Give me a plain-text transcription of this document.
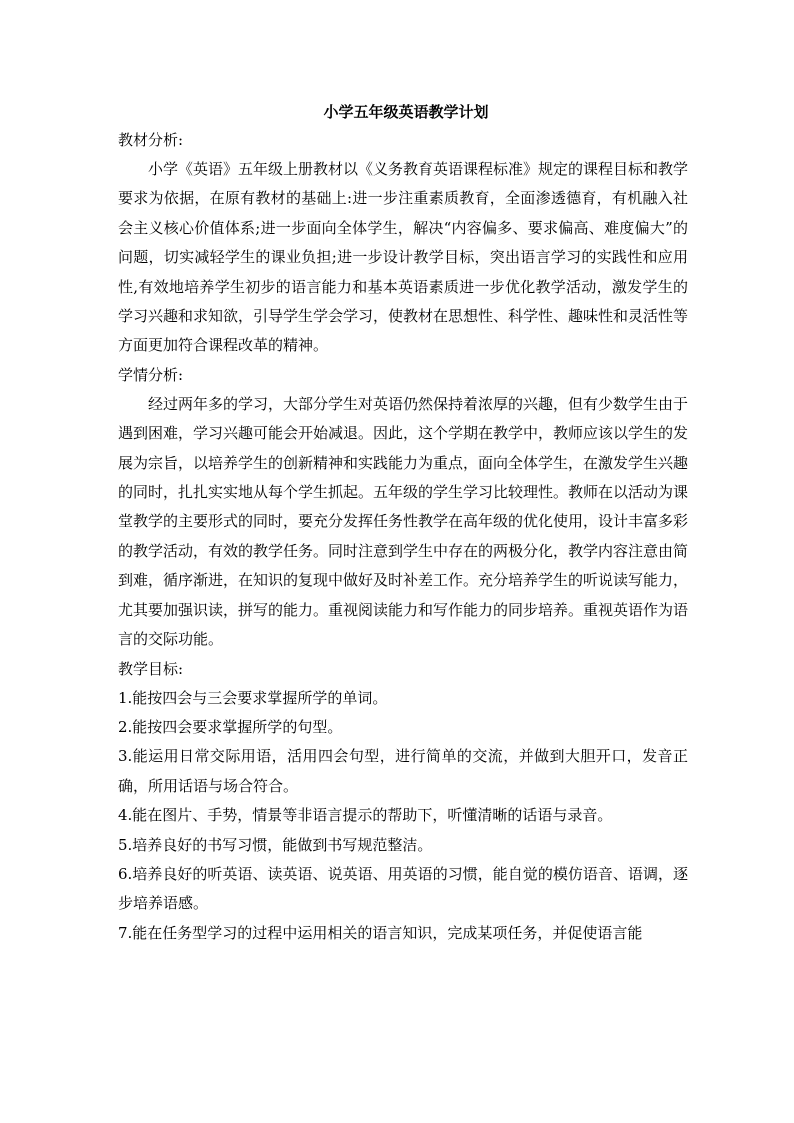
小学五年级英语教学计划

教材分析:

小学《英语》五年级上册教材以《义务教育英语课程标准》规定的课程目标和教学要求为依据，在原有教材的基础上:进一步注重素质教育，全面渗透德育，有机融入社会主义核心价值体系;进一步面向全体学生，解决“内容偏多、要求偏高、难度偏大”的问题，切实减轻学生的课业负担;进一步设计教学目标，突出语言学习的实践性和应用性,有效地培养学生初步的语言能力和基本英语素质进一步优化教学活动，激发学生的学习兴趣和求知欲，引导学生学会学习，使教材在思想性、科学性、趣味性和灵活性等方面更加符合课程改革的精神。

学情分析:

经过两年多的学习，大部分学生对英语仍然保持着浓厚的兴趣，但有少数学生由于遇到困难，学习兴趣可能会开始减退。因此，这个学期在教学中，教师应该以学生的发展为宗旨，以培养学生的创新精神和实践能力为重点，面向全体学生，在激发学生兴趣的同时，扎扎实实地从每个学生抓起。五年级的学生学习比较理性。教师在以活动为课堂教学的主要形式的同时，要充分发挥任务性教学在高年级的优化使用，设计丰富多彩的教学活动，有效的教学任务。同时注意到学生中存在的两极分化，教学内容注意由简到难，循序渐进，在知识的复现中做好及时补差工作。充分培养学生的听说读写能力，尤其要加强识读，拼写的能力。重视阅读能力和写作能力的同步培养。重视英语作为语言的交际功能。

教学目标:

1.能按四会与三会要求掌握所学的单词。

2.能按四会要求掌握所学的句型。

3.能运用日常交际用语，活用四会句型，进行简单的交流，并做到大胆开口，发音正确，所用话语与场合符合。

4.能在图片、手势，情景等非语言提示的帮助下，听懂清晰的话语与录音。

5.培养良好的书写习惯，能做到书写规范整洁。

6.培养良好的听英语、读英语、说英语、用英语的习惯，能自觉的模仿语音、语调，逐步培养语感。

7.能在任务型学习的过程中运用相关的语言知识，完成某项任务，并促使语言能
